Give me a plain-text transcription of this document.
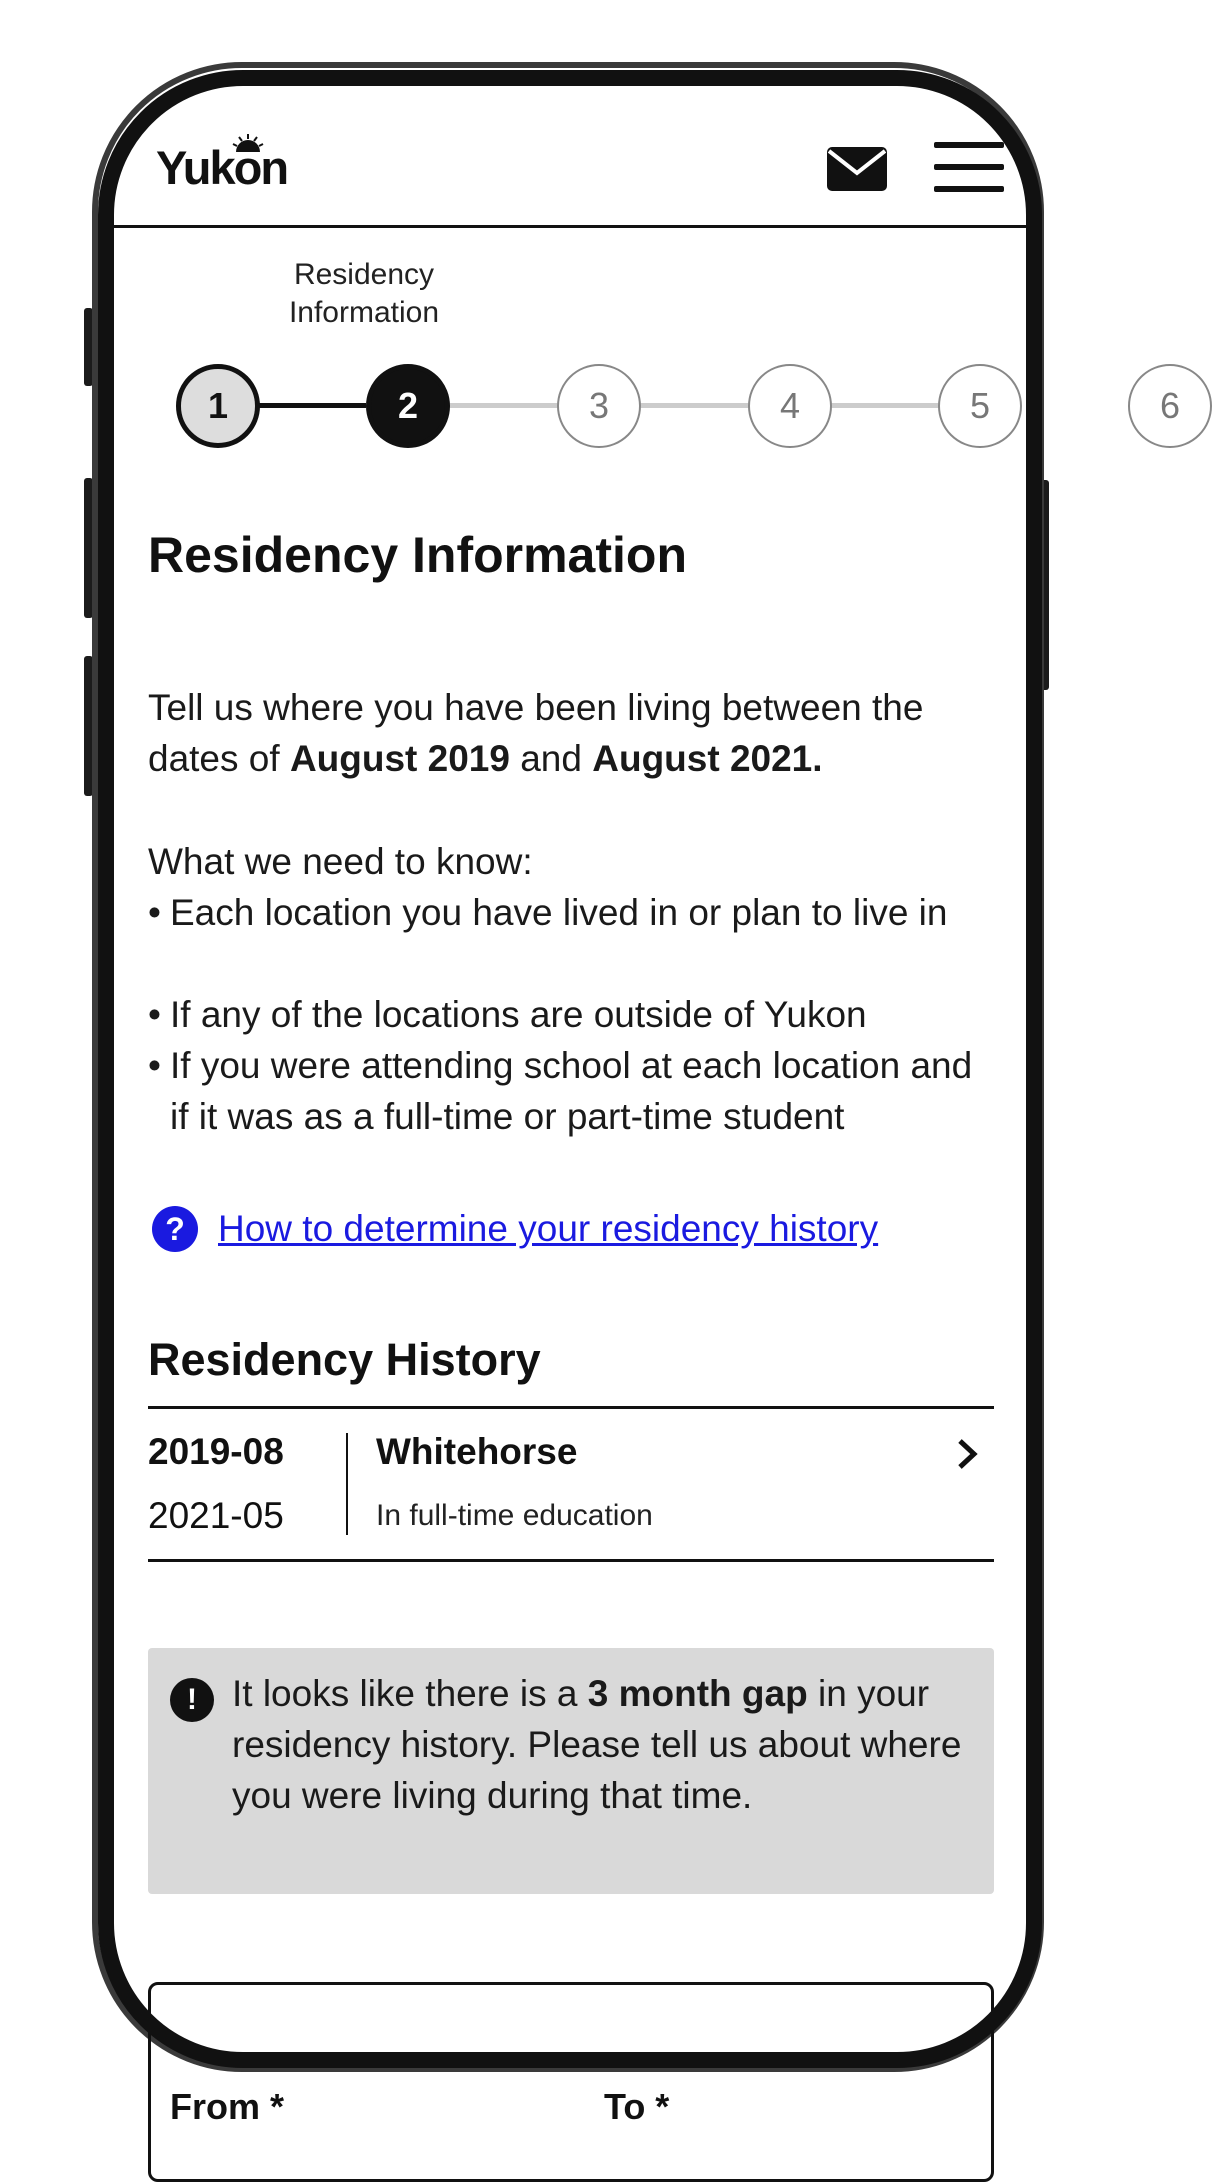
Yukon
Residency Information
1	2	3	4	5	6
Residency Information
Tell us where you have been living between the dates of August 2019 and August 2021.
What we need to know:
• Each location you have lived in or plan to live in
• If any of the locations are outside of Yukon
• If you were attending school at each location and if it was as a full-time or part-time student
? How to determine your residency history
Residency History
2019-08
2021-05
Whitehorse
In full-time education
! It looks like there is a 3 month gap in your residency history. Please tell us about where you were living during that time.
From *	To *
